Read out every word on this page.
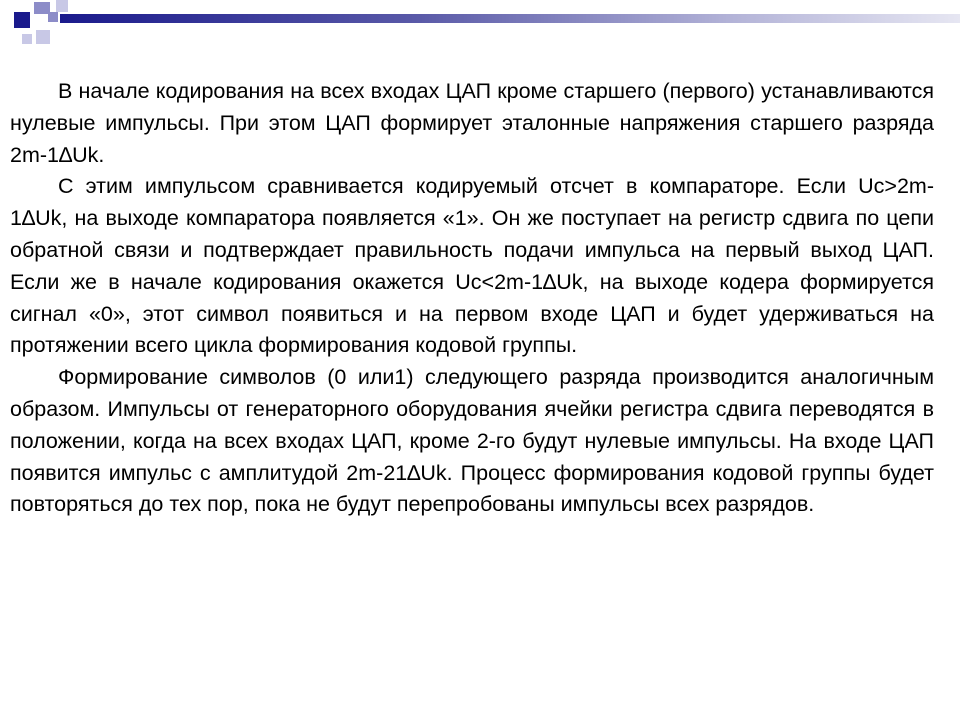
В начале кодирования на всех входах ЦАП кроме старшего (первого) устанавливаются нулевые импульсы. При этом ЦАП формирует эталонные напряжения старшего разряда 2m-1∆Uk.

С этим импульсом сравнивается кодируемый отсчет в компараторе. Если Uc>2m-1∆Uk, на выходе компаратора появляется «1». Он же поступает на регистр сдвига по цепи обратной связи и подтверждает правильность подачи импульса на первый выход ЦАП. Если же в начале кодирования окажется Uc<2m-1∆Uk, на выходе кодера формируется сигнал «0», этот символ появиться и на первом входе ЦАП и будет удерживаться на протяжении всего цикла формирования кодовой группы.

Формирование символов (0 или1) следующего разряда производится аналогичным образом. Импульсы от генераторного оборудования ячейки регистра сдвига переводятся в положении, когда на всех входах ЦАП, кроме 2-го будут нулевые импульсы. На входе ЦАП появится импульс с амплитудой 2m-21∆Uk. Процесс формирования кодовой группы будет повторяться до тех пор, пока не будут перепробованы импульсы всех разрядов.
